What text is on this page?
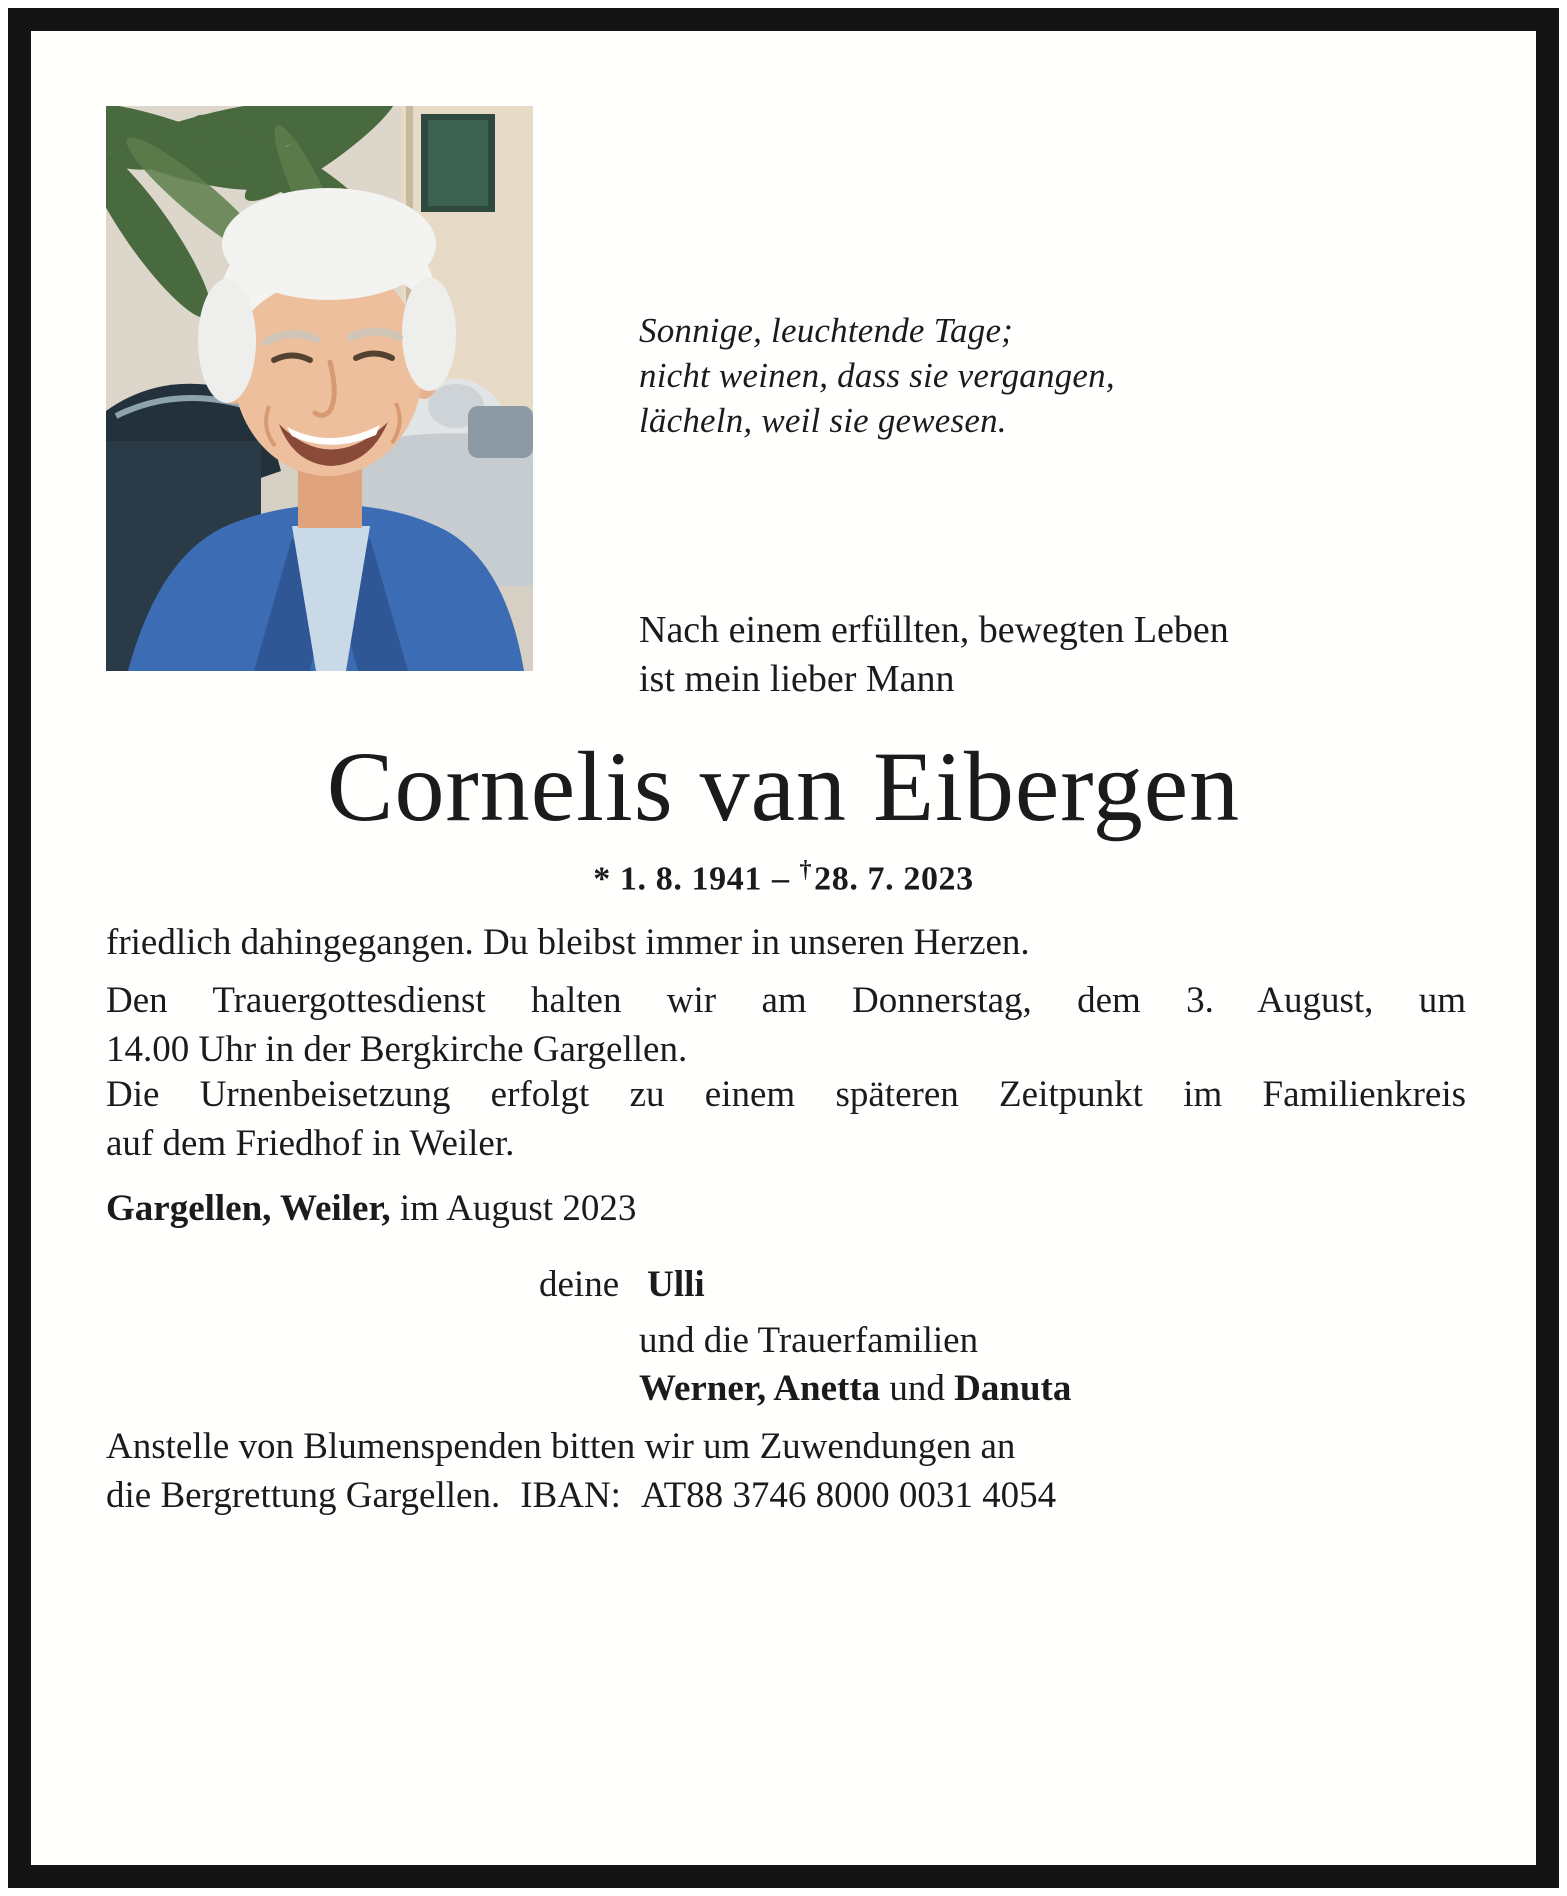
Sonnige, leuchtende Tage;
nicht weinen, dass sie vergangen,
lächeln, weil sie gewesen.
Nach einem erfüllten, bewegten Leben
ist mein lieber Mann
Cornelis van Eibergen
* 1. 8. 1941 – †28. 7. 2023
friedlich dahingegangen. Du bleibst immer in unseren Herzen.
Den Trauergottesdienst halten wir am Donnerstag, dem 3. August, um
14.00 Uhr in der Bergkirche Gargellen.
Die Urnenbeisetzung erfolgt zu einem späteren Zeitpunkt im Familienkreis
auf dem Friedhof in Weiler.
Gargellen, Weiler, im August 2023
deine Ulli
und die Trauerfamilien
Werner, Anetta und Danuta
Anstelle von Blumenspenden bitten wir um Zuwendungen an
die Bergrettung Gargellen. IBAN: AT88 3746 8000 0031 4054
